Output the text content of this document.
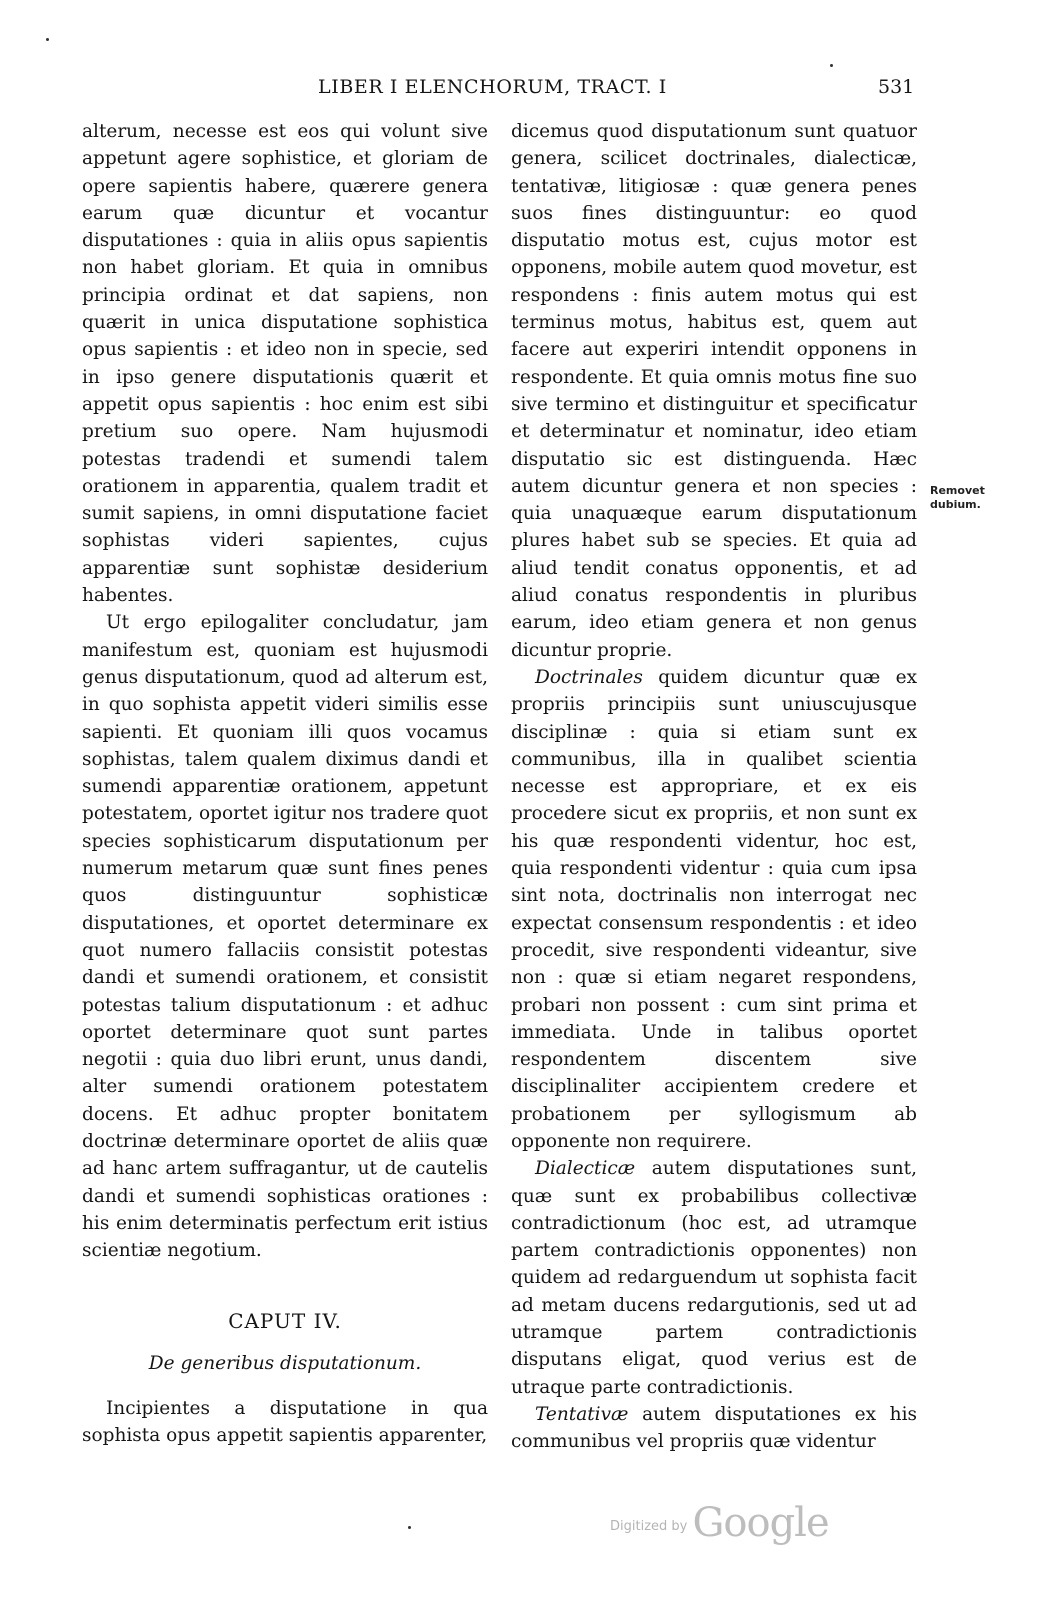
LIBER I ELENCHORUM, TRACT. I	531

alterum, necesse est eos qui volunt sive appetunt agere sophistice, et gloriam de opere sapientis habere, quærere genera earum quæ dicuntur et vocantur disputationes : quia in aliis opus sapientis non habet gloriam. Et quia in omnibus principia ordinat et dat sapiens, non quærit in unica disputatione sophistica opus sapientis : et ideo non in specie, sed in ipso genere disputationis quærit et appetit opus sapientis : hoc enim est sibi pretium suo opere. Nam hujusmodi potestas tradendi et sumendi talem orationem in apparentia, qualem tradit et sumit sapiens, in omni disputatione faciet sophistas videri sapientes, cujus apparentiæ sunt sophistæ desiderium habentes.

Ut ergo epilogaliter concludatur, jam manifestum est, quoniam est hujusmodi genus disputationum, quod ad alterum est, in quo sophista appetit videri similis esse sapienti. Et quoniam illi quos vocamus sophistas, talem qualem diximus dandi et sumendi apparentiæ orationem, appetunt potestatem, oportet igitur nos tradere quot species sophisticarum disputationum per numerum metarum quæ sunt fines penes quos distinguuntur sophisticæ disputationes, et oportet determinare ex quot numero fallaciis consistit potestas dandi et sumendi orationem, et consistit potestas talium disputationum : et adhuc oportet determinare quot sunt partes negotii : quia duo libri erunt, unus dandi, alter sumendi orationem potestatem docens. Et adhuc propter bonitatem doctrinæ determinare oportet de aliis quæ ad hanc artem suffragantur, ut de cautelis dandi et sumendi sophisticas orationes : his enim determinatis perfectum erit istius scientiæ negotium.

CAPUT IV.
De generibus disputationum.

Incipientes a disputatione in qua sophista opus appetit sapientis apparenter,

dicemus quod disputationum sunt quatuor genera, scilicet doctrinales, dialecticæ, tentativæ, litigiosæ : quæ genera penes suos fines distinguuntur: eo quod disputatio motus est, cujus motor est opponens, mobile autem quod movetur, est respondens : finis autem motus qui est terminus motus, habitus est, quem aut facere aut experiri intendit opponens in respondente. Et quia omnis motus fine suo sive termino et distinguitur et specificatur et determinatur et nominatur, ideo etiam disputatio sic est distinguenda. Hæc autem dicuntur genera et non species : quia unaquæque earum disputationum plures habet sub se species. Et quia ad aliud tendit conatus opponentis, et ad aliud conatus respondentis in pluribus earum, ideo etiam genera et non genus dicuntur proprie.

Doctrinales quidem dicuntur quæ ex propriis principiis sunt uniuscujusque disciplinæ : quia si etiam sunt ex communibus, illa in qualibet scientia necesse est appropriare, et ex eis procedere sicut ex propriis, et non sunt ex his quæ respondenti videntur, hoc est, quia respondenti videntur : quia cum ipsa sint nota, doctrinalis non interrogat nec expectat consensum respondentis : et ideo procedit, sive respondenti videantur, sive non : quæ si etiam negaret respondens, probari non possent : cum sint prima et immediata. Unde in talibus oportet respondentem discentem sive disciplinaliter accipientem credere et probationem per syllogismum ab opponente non requirere.

Dialecticæ autem disputationes sunt, quæ sunt ex probabilibus collectivæ contradictionum (hoc est, ad utramque partem contradictionis opponentes) non quidem ad redarguendum ut sophista facit ad metam ducens redargutionis, sed ut ad utramque partem contradictionis disputans eligat, quod verius est de utraque parte contradictionis.

Tentativæ autem disputationes ex his communibus vel propriis quæ videntur

Removet
dubium.
$^{Digitized by}$ Google
